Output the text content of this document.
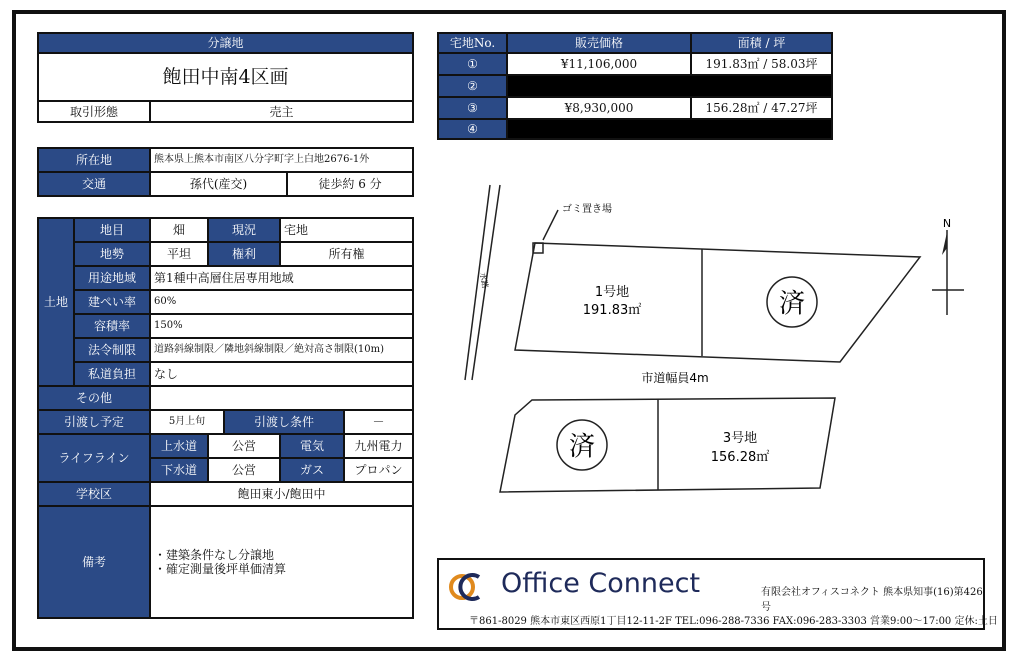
分譲地
飽田中南4区画
取引形態	売主
所在地	熊本県上熊本市南区八分字町字上白地2676-1外	
交通	孫代(産交)	徒歩約 6 分
土地	地目	畑	現況		宅地	
	地勢	平坦	権利		所有権	
	用途地域	第1種中高層住居専用地域				
	建ぺい率	60%				
	容積率	150%				
	法令制限	道路斜線制限／隣地斜線制限／絶対高さ制限(10m)				
	私道負担	なし				
その他						
引渡し予定		5月上旬		引渡し条件		－
ライフライン		上水道	公営		電気	九州電力
		下水道	公営		ガス	プロパン
学校区		飽田東小/飽田中				
備考		・建築条件なし分譲地
・確定測量後坪単価清算				
宅地No.	販売価格	面積 / 坪
①	¥11,106,000	191.83㎡ / 58.03坪
②		
③	¥8,930,000	156.28㎡ / 47.27坪
④		
N
ゴミ置き場
水路
1号地
191.83㎡	済
済
市道幅員4m
3号地
156.28㎡
Office Connect	有限会社オフィスコネクト 熊本県知事(16)第426号
〒861-8029 熊本市東区西原1丁目12-11-2F TEL:096-288-7336 FAX:096-283-3303 営業9:00～17:00 定休:土日
